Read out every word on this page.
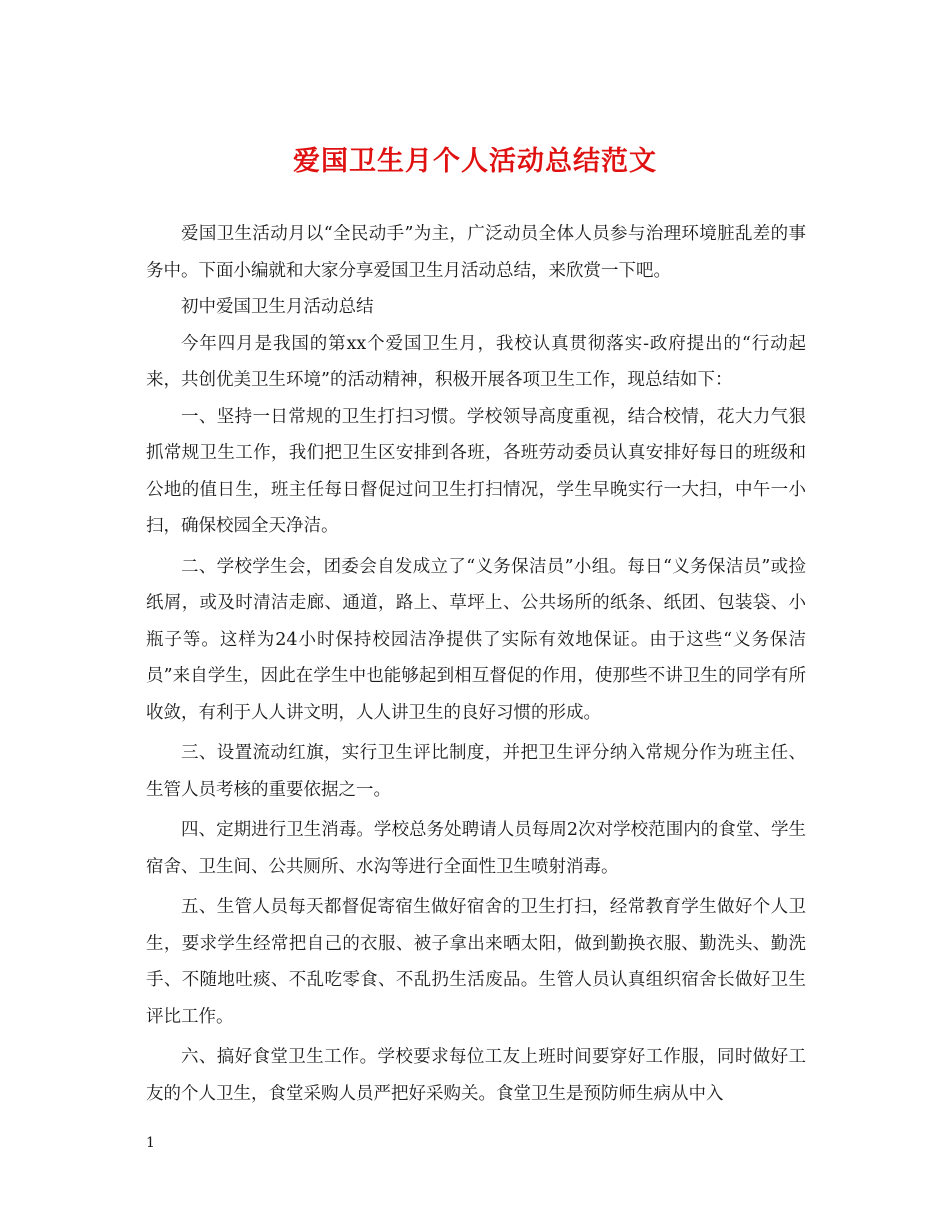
爱国卫生月个人活动总结范文

爱国卫生活动月以“全民动手”为主，广泛动员全体人员参与治理环境脏乱差的事务中。下面小编就和大家分享爱国卫生月活动总结，来欣赏一下吧。

初中爱国卫生月活动总结

今年四月是我国的第xx个爱国卫生月，我校认真贯彻落实-政府提出的“行动起来，共创优美卫生环境”的活动精神，积极开展各项卫生工作，现总结如下：

一、坚持一日常规的卫生打扫习惯。学校领导高度重视，结合校情，花大力气狠抓常规卫生工作，我们把卫生区安排到各班，各班劳动委员认真安排好每日的班级和公地的值日生，班主任每日督促过问卫生打扫情况，学生早晚实行一大扫，中午一小扫，确保校园全天净洁。

二、学校学生会，团委会自发成立了“义务保洁员”小组。每日“义务保洁员”或捡纸屑，或及时清洁走廊、通道，路上、草坪上、公共场所的纸条、纸团、包装袋、小瓶子等。这样为24小时保持校园洁净提供了实际有效地保证。由于这些“义务保洁员”来自学生，因此在学生中也能够起到相互督促的作用，使那些不讲卫生的同学有所收敛，有利于人人讲文明，人人讲卫生的良好习惯的形成。

三、设置流动红旗，实行卫生评比制度，并把卫生评分纳入常规分作为班主任、生管人员考核的重要依据之一。

四、定期进行卫生消毒。学校总务处聘请人员每周2次对学校范围内的食堂、学生宿舍、卫生间、公共厕所、水沟等进行全面性卫生喷射消毒。

五、生管人员每天都督促寄宿生做好宿舍的卫生打扫，经常教育学生做好个人卫生，要求学生经常把自己的衣服、被子拿出来晒太阳，做到勤换衣服、勤洗头、勤洗手、不随地吐痰、不乱吃零食、不乱扔生活废品。生管人员认真组织宿舍长做好卫生评比工作。

六、搞好食堂卫生工作。学校要求每位工友上班时间要穿好工作服，同时做好工友的个人卫生，食堂采购人员严把好采购关。食堂卫生是预防师生病从中入

1
